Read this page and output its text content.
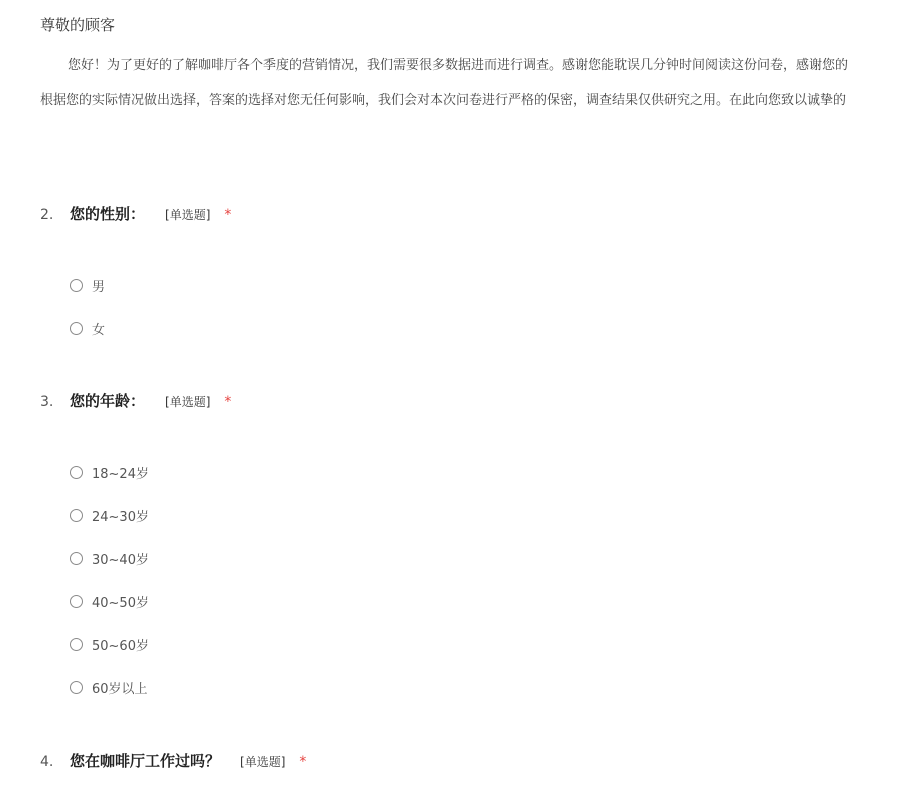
尊敬的顾客
您好！为了更好的了解咖啡厅各个季度的营销情况，我们需要很多数据进而进行调查。感谢您能耽误几分钟时间阅读这份问卷，感谢您的
根据您的实际情况做出选择，答案的选择对您无任何影响，我们会对本次问卷进行严格的保密，调查结果仅供研究之用。在此向您致以诚挚的
2.	您的性别： [单选题] *
男
女
3.	您的年龄： [单选题] *
18~24岁
24~30岁
30~40岁
40~50岁
50~60岁
60岁以上
4.	您在咖啡厅工作过吗？ [单选题] *
